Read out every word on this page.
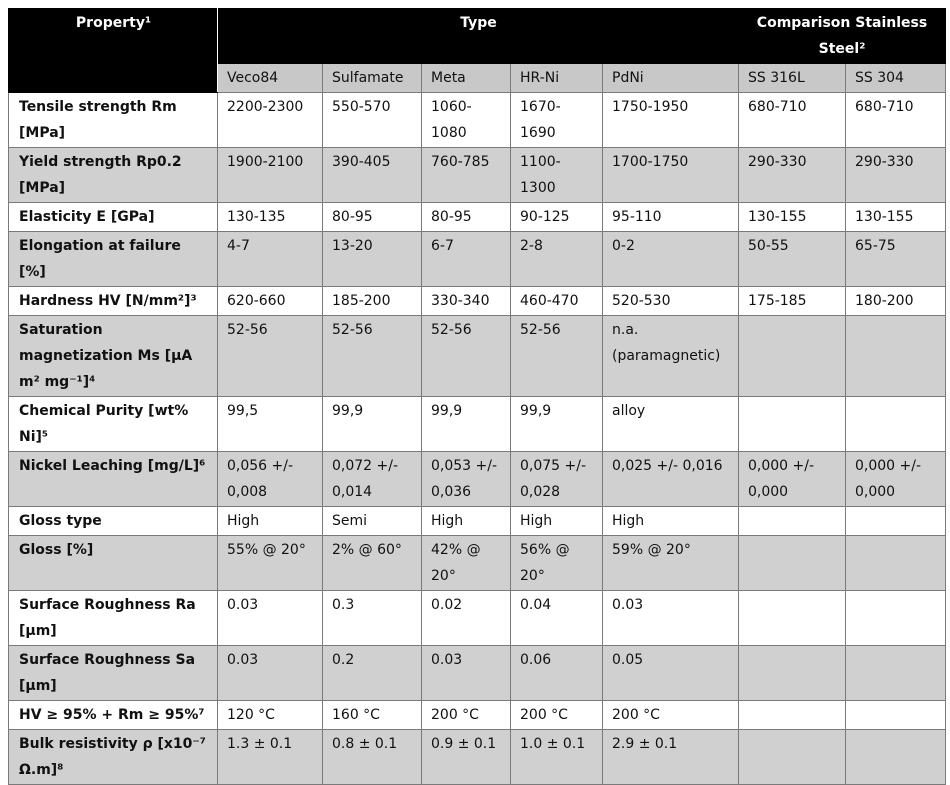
Property¹	Type					Comparison Stainless Steel²	
	Veco84	Sulfamate	Meta	HR-Ni	PdNi	SS 316L	SS 304
Tensile strength Rm [MPa]	2200-2300	550-570	1060-1080	1670-1690	1750-1950	680-710	680-710
Yield strength Rp0.2 [MPa]	1900-2100	390-405	760-785	1100-1300	1700-1750	290-330	290-330
Elasticity E [GPa]	130-135	80-95	80-95	90-125	95-110	130-155	130-155
Elongation at failure [%]	4-7	13-20	6-7	2-8	0-2	50-55	65-75
Hardness HV [N/mm²]³	620-660	185-200	330-340	460-470	520-530	175-185	180-200
Saturation magnetization Ms [µA m² mg⁻¹]⁴	52-56	52-56	52-56	52-56	n.a. (paramagnetic)		
Chemical Purity [wt% Ni]⁵	99,5	99,9	99,9	99,9	alloy		
Nickel Leaching [mg/L]⁶	0,056 +/- 0,008	0,072 +/- 0,014	0,053 +/- 0,036	0,075 +/- 0,028	0,025 +/- 0,016	0,000 +/- 0,000	0,000 +/- 0,000
Gloss type	High	Semi	High	High	High		
Gloss [%]	55% @ 20°	2% @ 60°	42% @ 20°	56% @ 20°	59% @ 20°		
Surface Roughness Ra [µm]	0.03	0.3	0.02	0.04	0.03		
Surface Roughness Sa [µm]	0.03	0.2	0.03	0.06	0.05		
HV ≥ 95% + Rm ≥ 95%⁷	120 °C	160 °C	200 °C	200 °C	200 °C		
Bulk resistivity ρ [x10⁻⁷ Ω.m]⁸	1.3 ± 0.1	0.8 ± 0.1	0.9 ± 0.1	1.0 ± 0.1	2.9 ± 0.1		
